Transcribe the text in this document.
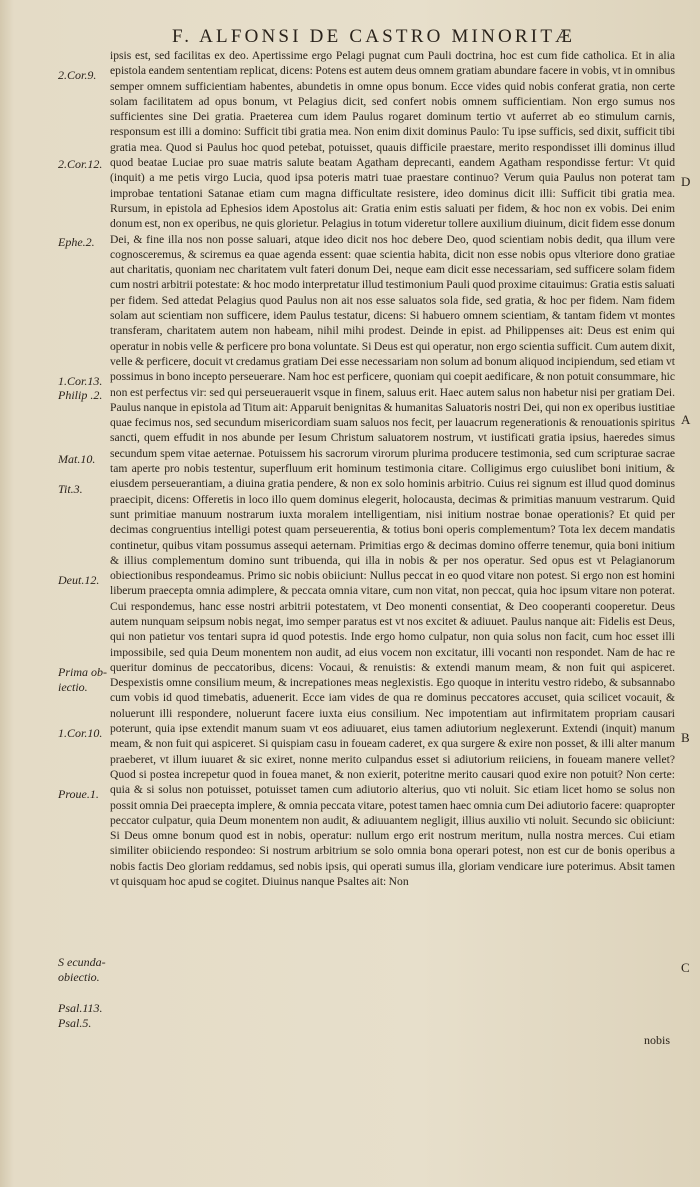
F. ALFONSI DE CASTRO MINORITÆ
2.Cor.9.
2.Cor.12.
Ephe.2.
1.Cor.13.
Philip .2.
Mat.10.
Tit.3.
Deut.12.
Prima ob-
iectio.
1.Cor.10.
Proue.1.
S ecunda-
obiectio.
Psal.113.
Psal.5.
D
A
B
C

ipsis est, sed facilitas ex deo. Apertissime ergo Pelagi pugnat cum Pauli doctrina, hoc est cum fide catholica. Et in alia epistola eandem sententiam replicat, dicens: Potens est autem deus omnem gratiam abundare facere in vobis, vt in omnibus semper omnem sufficientiam habentes, abundetis in omne opus bonum. Ecce vides quid nobis conferat gratia, non certe solam facilitatem ad opus bonum, vt Pelagius dicit, sed confert nobis omnem sufficientiam. Non ergo sumus nos sufficientes sine Dei gratia. Praeterea cum idem Paulus rogaret dominum tertio vt auferret ab eo stimulum carnis, responsum est illi a domino: Sufficit tibi gratia mea. Non enim dixit dominus Paulo: Tu ipse sufficis, sed dixit, sufficit tibi gratia mea. Quod si Paulus hoc quod petebat, potuisset, quauis difficile praestare, merito respondisset illi dominus illud quod beatae Luciae pro suae matris salute beatam Agatham deprecanti, eandem Agatham respondisse fertur: Vt quid (inquit) a me petis virgo Lucia, quod ipsa poteris matri tuae praestare continuo? Verum quia Paulus non poterat tam improbae tentationi Satanae etiam cum magna difficultate resistere, ideo dominus dicit illi: Sufficit tibi gratia mea. Rursum, in epistola ad Ephesios idem Apostolus ait: Gratia enim estis saluati per fidem, & hoc non ex vobis. Dei enim donum est, non ex operibus, ne quis glorietur. Pelagius in totum videretur tollere auxilium diuinum, dicit fidem esse donum Dei, & fine illa nos non posse saluari, atque ideo dicit nos hoc debere Deo, quod scientiam nobis dedit, qua illum vere cognosceremus, & sciremus ea quae agenda essent: quae scientia habita, dicit non esse nobis opus vlteriore dono gratiae aut charitatis, quoniam nec charitatem vult fateri donum Dei, neque eam dicit esse necessariam, sed sufficere solam fidem cum nostri arbitrii potestate: & hoc modo interpretatur illud testimonium Pauli quod proxime citauimus: Gratia estis saluati per fidem. Sed attedat Pelagius quod Paulus non ait nos esse saluatos sola fide, sed gratia, & hoc per fidem. Nam fidem solam aut scientiam non sufficere, idem Paulus testatur, dicens: Si habuero omnem scientiam, & tantam fidem vt montes transferam, charitatem autem non habeam, nihil mihi prodest. Deinde in epist. ad Philippenses ait: Deus est enim qui operatur in nobis velle & perficere pro bona voluntate. Si Deus est qui operatur, non ergo scientia sufficit. Cum autem dixit, velle & perficere, docuit vt credamus gratiam Dei esse necessariam non solum ad bonum aliquod incipiendum, sed etiam vt possimus in bono incepto perseuerare. Nam hoc est perficere, quoniam qui coepit aedificare, & non potuit consummare, hic non est perfectus vir: sed qui perseuerauerit vsque in finem, saluus erit. Haec autem salus non habetur nisi per gratiam Dei. Paulus nanque in epistola ad Titum ait: Apparuit benignitas & humanitas Saluatoris nostri Dei, qui non ex operibus iustitiae quae fecimus nos, sed secundum misericordiam suam saluos nos fecit, per lauacrum regenerationis & renouationis spiritus sancti, quem effudit in nos abunde per Iesum Christum saluatorem nostrum, vt iustificati gratia ipsius, haeredes simus secundum spem vitae aeternae. Potuissem his sacrorum virorum plurima producere testimonia, sed cum scripturae sacrae tam aperte pro nobis testentur, superfluum erit hominum testimonia citare. Colligimus ergo cuiuslibet boni initium, & eiusdem perseuerantiam, a diuina gratia pendere, & non ex solo hominis arbitrio. Cuius rei signum est illud quod dominus praecipit, dicens: Offeretis in loco illo quem dominus elegerit, holocausta, decimas & primitias manuum vestrarum. Quid sunt primitiae manuum nostrarum iuxta moralem intelligentiam, nisi initium nostrae bonae operationis? Et quid per decimas congruentius intelligi potest quam perseuerentia, & totius boni operis complementum? Tota lex decem mandatis continetur, quibus vitam possumus assequi aeternam. Primitias ergo & decimas domino offerre tenemur, quia boni initium & illius complementum domino sunt tribuenda, qui illa in nobis & per nos operatur. Sed opus est vt Pelagianorum obiectionibus respondeamus. Primo sic nobis obiiciunt: Nullus peccat in eo quod vitare non potest. Si ergo non est homini liberum praecepta omnia adimplere, & peccata omnia vitare, cum non vitat, non peccat, quia hoc ipsum vitare non poterat. Cui respondemus, hanc esse nostri arbitrii potestatem, vt Deo monenti consentiat, & Deo cooperanti cooperetur. Deus autem nunquam seipsum nobis negat, imo semper paratus est vt nos excitet & adiuuet. Paulus nanque ait: Fidelis est Deus, qui non patietur vos tentari supra id quod potestis. Inde ergo homo culpatur, non quia solus non facit, cum hoc esset illi impossibile, sed quia Deum monentem non audit, ad eius vocem non excitatur, illi vocanti non respondet. Nam de hac re queritur dominus de peccatoribus, dicens: Vocaui, & renuistis: & extendi manum meam, & non fuit qui aspiceret. Despexistis omne consilium meum, & increpationes meas neglexistis. Ego quoque in interitu vestro ridebo, & subsannabo cum vobis id quod timebatis, aduenerit. Ecce iam vides de qua re dominus peccatores accuset, quia scilicet vocauit, & noluerunt illi respondere, noluerunt facere iuxta eius consilium. Nec impotentiam aut infirmitatem propriam causari poterunt, quia ipse extendit manum suam vt eos adiuuaret, eius tamen adiutorium neglexerunt. Extendi (inquit) manum meam, & non fuit qui aspiceret. Si quispiam casu in foueam caderet, ex qua surgere & exire non posset, & illi alter manum praeberet, vt illum iuuaret & sic exiret, nonne merito culpandus esset si adiutorium reiiciens, in foueam manere vellet? Quod si postea increpetur quod in fouea manet, & non exierit, poteritne merito causari quod exire non potuit? Non certe: quia & si solus non potuisset, potuisset tamen cum adiutorio alterius, quo vti noluit. Sic etiam licet homo se solus non possit omnia Dei praecepta implere, & omnia peccata vitare, potest tamen haec omnia cum Dei adiutorio facere: quapropter peccator culpatur, quia Deum monentem non audit, & adiuuantem negligit, illius auxilio vti noluit. Secundo sic obiiciunt: Si Deus omne bonum quod est in nobis, operatur: nullum ergo erit nostrum meritum, nulla nostra merces. Cui etiam similiter obiiciendo respondeo: Si nostrum arbitrium se solo omnia bona operari potest, non est cur de bonis operibus a nobis factis Deo gloriam reddamus, sed nobis ipsis, qui operati sumus illa, gloriam vendicare iure poterimus. Absit tamen vt quisquam hoc apud se cogitet. Diuinus nanque Psaltes ait: Non

nobis
